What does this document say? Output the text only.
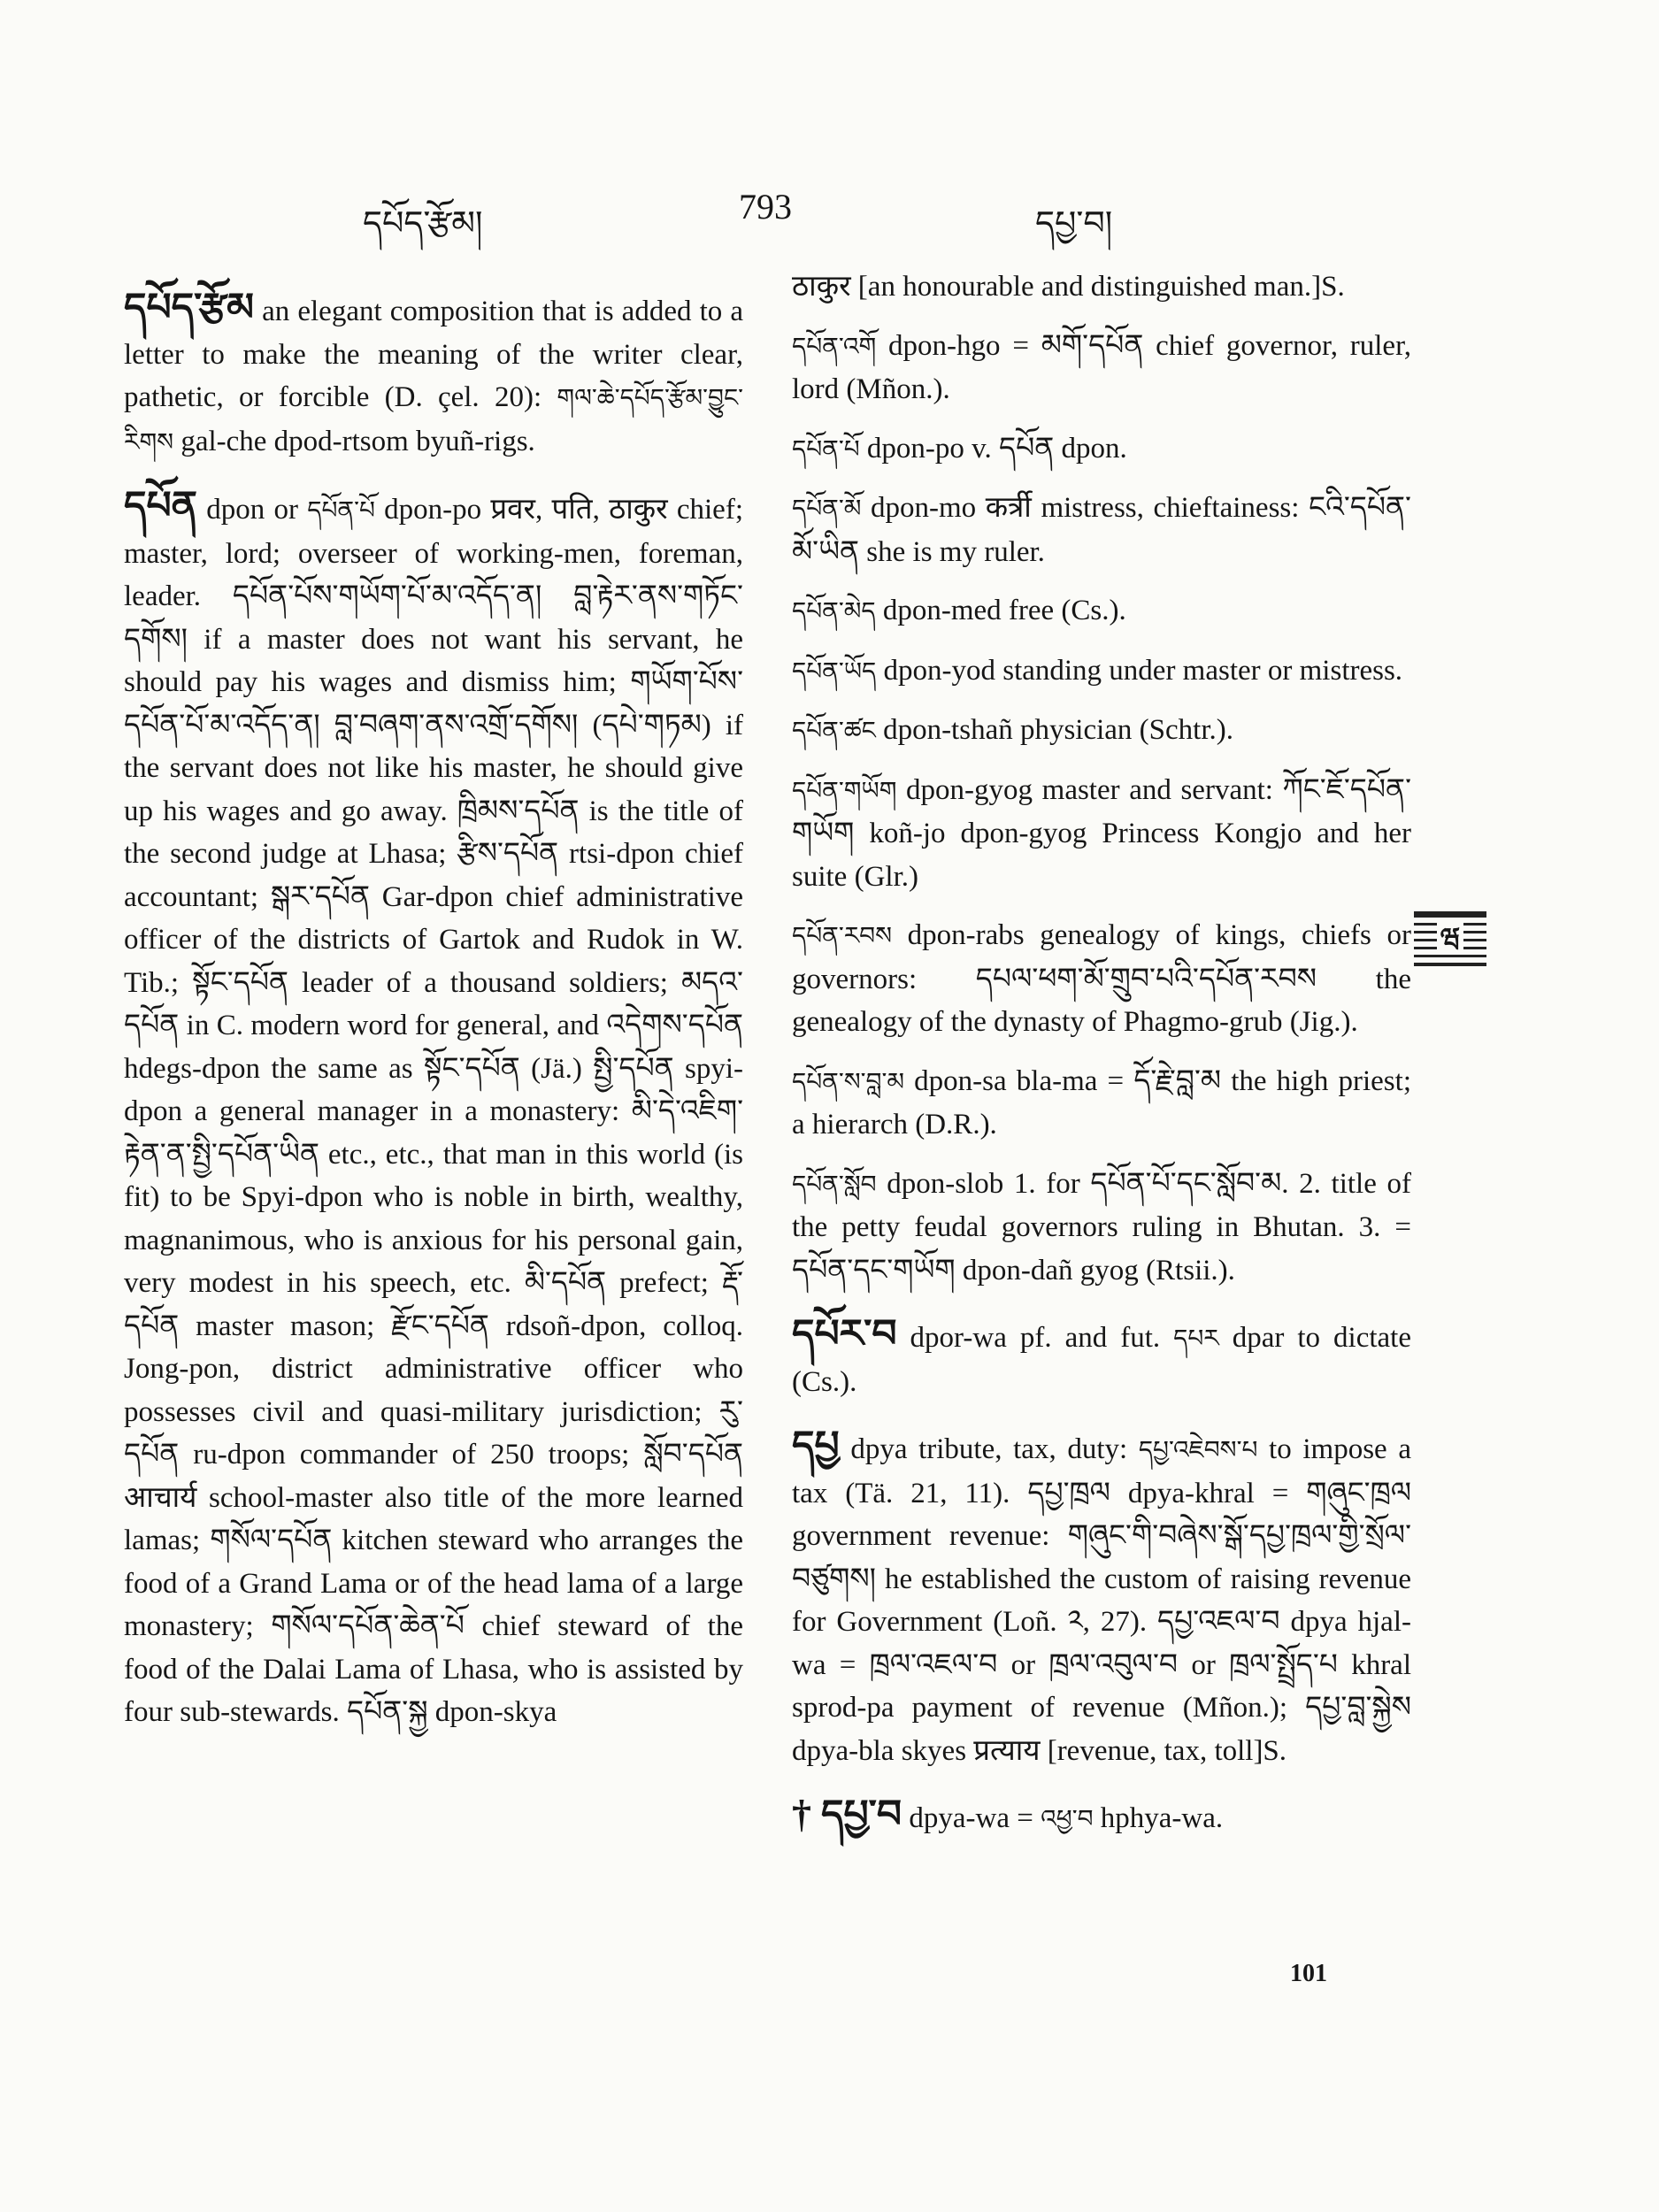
དཔོད་རྩོམ།	793	དཔྱ་བ།

དཔོད་རྩོམ an elegant composition that is added to a letter to make the meaning of the writer clear, pathetic, or forcible (D. çel. 20): གལ་ཆེ་དཔོད་རྩོམ་བྱུང་རིགས gal-che dpod-rtsom byuñ-rigs.

དཔོན dpon or དཔོན་པོ dpon-po प्रवर, पति, ठाकुर chief; master, lord; overseer of working-men, foreman, leader. དཔོན་པོས་གཡོག་པོ་མ་འདོད་ན། བླ་རྟེར་ནས་གཏོང་དགོས། if a master does not want his servant, he should pay his wages and dismiss him; གཡོག་པོས་དཔོན་པོ་མ་འདོད་ན། བླ་བཞག་ནས་འགྲོ་དགོས། (དཔེ་གཏམ) if the servant does not like his master, he should give up his wages and go away. ཁྲིམས་དཔོན is the title of the second judge at Lhasa; རྩིས་དཔོན rtsi-dpon chief accountant; སྒར་དཔོན Gar-dpon chief administrative officer of the districts of Gartok and Rudok in W. Tib.; སྟོང་དཔོན leader of a thousand soldiers; མདའ་དཔོན in C. modern word for general, and འདེགས་དཔོན hdegs-dpon the same as སྟོང་དཔོན (Jä.) སྤྱི་དཔོན spyi-dpon a general manager in a monastery: མི་དེ་འཇིག་རྟེན་ན་སྤྱི་དཔོན་ཡིན etc., etc., that man in this world (is fit) to be Spyi-dpon who is noble in birth, wealthy, magnanimous, who is anxious for his personal gain, very modest in his speech, etc. མི་དཔོན prefect; རྡོ་དཔོན master mason; རྫོང་དཔོན rdsoñ-dpon, colloq. Jong-pon, district administrative officer who possesses civil and quasi-military jurisdiction; རུ་དཔོན ru-dpon commander of 250 troops; སློབ་དཔོན आचार्य school-master also title of the more learned lamas; གསོལ་དཔོན kitchen steward who arranges the food of a Grand Lama or of the head lama of a large monastery; གསོལ་དཔོན་ཆེན་པོ chief steward of the food of the Dalai Lama of Lhasa, who is assisted by four sub-stewards. དཔོན་སྐྱ dpon-skya

ठाकुर [an honourable and distinguished man.]S.

དཔོན་འགོ dpon-hgo = མགོ་དཔོན chief governor, ruler, lord (Mñon.).

དཔོན་པོ dpon-po v. དཔོན dpon.

དཔོན་མོ dpon-mo कर्त्री mistress, chieftainess: ངའི་དཔོན་མོ་ཡིན she is my ruler.

དཔོན་མེད dpon-med free (Cs.).

དཔོན་ཡོད dpon-yod standing under master or mistress.

དཔོན་ཚང dpon-tshañ physician (Schtr.).

དཔོན་གཡོག dpon-gyog master and servant: ཀོང་ཇོ་དཔོན་གཡོག koñ-jo dpon-gyog Princess Kongjo and her suite (Glr.)

དཔོན་རབས dpon-rabs genealogy of kings, chiefs or governors: དཔལ་ཕག་མོ་གྲུབ་པའི་དཔོན་རབས the genealogy of the dynasty of Phagmo-grub (Jig.).

དཔོན་ས་བླ་མ dpon-sa bla-ma = དོ་རྗེ་བླ་མ the high priest; a hierarch (D.R.).

དཔོན་སློབ dpon-slob 1. for དཔོན་པོ་དང་སློབ་མ. 2. title of the petty feudal governors ruling in Bhutan. 3. = དཔོན་དང་གཡོག dpon-dañ gyog (Rtsii.).

དཔོར་བ dpor-wa pf. and fut. དཔར dpar to dictate (Cs.).

དཔྱ dpya tribute, tax, duty: དཔྱ་འཇེབས་པ to impose a tax (Tä. 21, 11). དཔྱ་ཁྲལ dpya-khral = གཞུང་ཁྲལ government revenue: གཞུང་གི་བཞེས་སྒོ་དཔྱ་ཁྲལ་གྱི་སྲོལ་བཙུགས། he established the custom of raising revenue for Government (Loñ. ༢, 27). དཔྱ་འཇལ་བ dpya hjal-wa = ཁྲལ་འཇལ་བ or ཁྲལ་འབུལ་བ or ཁྲལ་སྤྲོད་པ khral sprod-pa payment of revenue (Mñon.); དཔྱ་བླ་སྐྱེས dpya-bla skyes प्रत्याय [revenue, tax, toll]S.

† དཔྱ་བ dpya-wa = འཕྱ་བ hphya-wa.

ཝ
101
